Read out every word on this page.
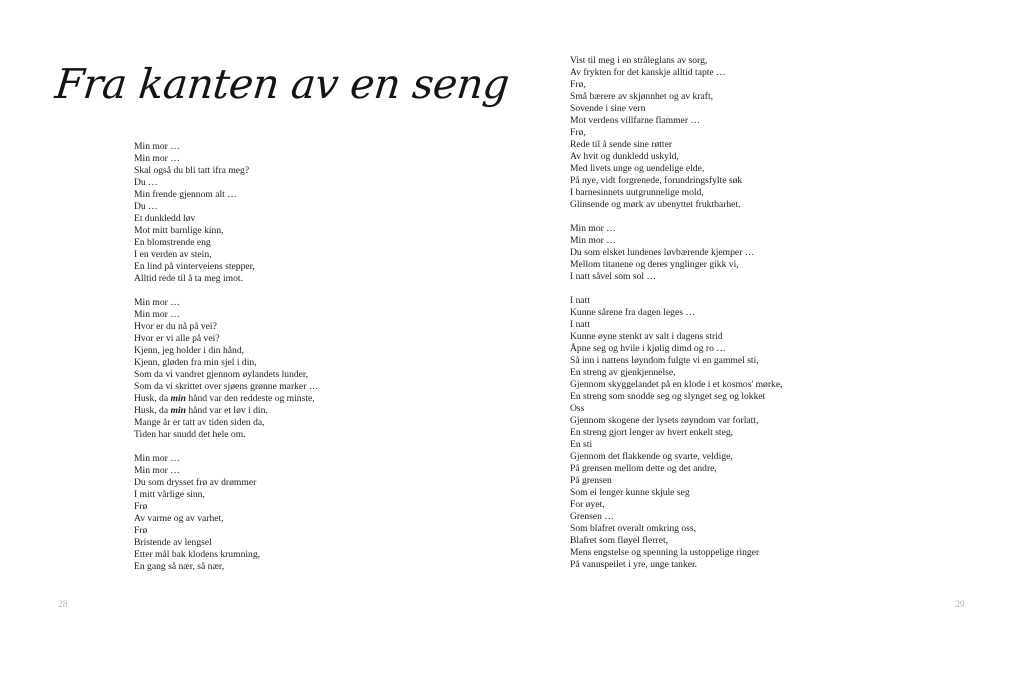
Fra kanten av en seng
Min mor …
Min mor …
Skal også du bli tatt ifra meg?
Du …
Min frende gjennom alt …
Du …
Et dunkledd løv
Mot mitt barnlige kinn,
En blomstrende eng
I en verden av stein,
En lind på vinterveiens stepper,
Alltid rede til å ta meg imot.
Min mor …
Min mor …
Hvor er du nå på vei?
Hvor er vi alle på vei?
Kjenn, jeg holder i din hånd,
Kjenn, gløden fra min sjel i din,
Som da vi vandret gjennom øylandets lunder,
Som da vi skrittet over sjøens grønne marker …
Husk, da min hånd var den reddeste og minste,
Husk, da min hånd var et løv i din.
Mange år er tatt av tiden siden da,
Tiden har snudd det hele om.
Min mor …
Min mor …
Du som drysset frø av drømmer
I mitt vårlige sinn,
Frø
Av varme og av varhet,
Frø
Bristende av lengsel
Etter mål bak klodens krumning,
En gang så nær, så nær,
Vist til meg i en stråleglans av sorg,
Av frykten for det kanskje alltid tapte …
Frø,
Små bærere av skjønnhet og av kraft,
Sovende i sine vern
Mot verdens villfarne flammer …
Frø,
Rede til å sende sine røtter
Av hvit og dunkledd uskyld,
Med livets unge og uendelige elde,
På nye, vidt forgrenede, forundringsfylte søk
I barnesinnets uutgrunnelige mold,
Glinsende og mørk av ubenyttet fruktbarhet.
Min mor …
Min mor …
Du som elsket lundenes løvbærende kjemper …
Mellom titanene og deres ynglinger gikk vi,
I natt såvel som sol …
I natt
Kunne sårene fra dagen leges …
I natt
Kunne øyne stenkt av salt i dagens strid
Åpne seg og hvile i kjølig dimd og ro …
Så inn i nattens løyndom fulgte vi en gammel sti,
En streng av gjenkjennelse,
Gjennom skyggelandet på en klode i et kosmos' mørke,
En streng som snodde seg og slynget seg og lokket
Oss
Gjennom skogene der lysets røyndom var forlatt,
En streng gjort lenger av hvert enkelt steg,
En sti
Gjennom det flakkende og svarte, veldige,
På grensen mellom dette og det andre,
På grensen
Som ei lenger kunne skjule seg
For øyet,
Grensen …
Som blafret overalt omkring oss,
Blafret som fløyel flerret,
Mens engstelse og spenning la ustoppelige ringer
På vannspeilet i yre, unge tanker.
28	29
